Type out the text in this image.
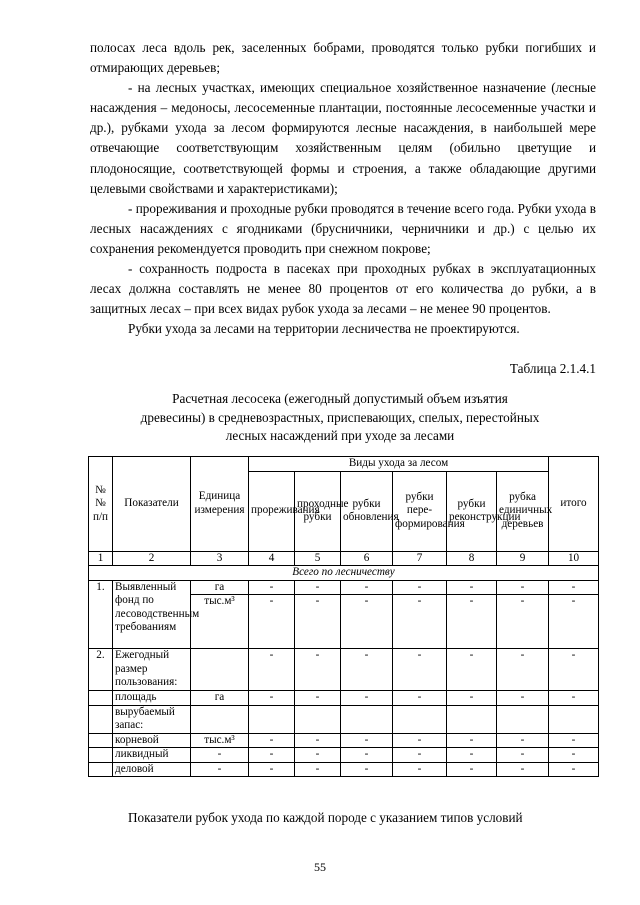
полосах леса вдоль рек, заселенных бобрами, проводятся только рубки погибших и отмирающих деревьев;

- на лесных участках, имеющих специальное хозяйственное назначение (лесные насаждения – медоносы, лесосеменные плантации, постоянные лесосеменные участки и др.), рубками ухода за лесом формируются лесные насаждения, в наибольшей мере отвечающие соответствующим хозяйственным целям (обильно цветущие и плодоносящие, соответствующей формы и строения, а также обладающие другими целевыми свойствами и характеристиками);

- прореживания и проходные рубки проводятся в течение всего года. Рубки ухода в лесных насаждениях с ягодниками (брусничники, черничники и др.) с целью их сохранения рекомендуется проводить при снежном покрове;

- сохранность подроста в пасеках при проходных рубках в эксплуатационных лесах должна составлять не менее 80 процентов от его количества до рубки, а в защитных лесах – при всех видах рубок ухода за лесами – не менее 90 процентов.

Рубки ухода за лесами на территории лесничества не проектируются.

Таблица 2.1.4.1
Расчетная лесосека (ежегодный допустимый объем изъятия древесины) в средневозрастных, приспевающих, спелых, перестойных лесных насаждений при уходе за лесами
№ № п/п	Показатели	Единица измерения	Виды ухода за лесом						итого
			прореживания	проходные рубки	рубки обновления	рубки пере-формирования	рубки реконструкции	рубка единичных деревьев	
1	2	3	4	5	6	7	8	9	10
Всего по лесничеству									
1.	Выявленный фонд по лесоводственным требованиям	га	-	-	-	-	-	-	-
		тыс.м³	-	-	-	-	-	-	-
2.	Ежегодный размер пользования:		-	-	-	-	-	-	-
	площадь	га	-	-	-	-	-	-	-
	вырубаемый запас:								
	корневой	тыс.м³	-	-	-	-	-	-	-
	ликвидный	-	-	-	-	-	-	-	-
	деловой	-	-	-	-	-	-	-	-
Показатели рубок ухода по каждой породе с указанием типов условий
55
